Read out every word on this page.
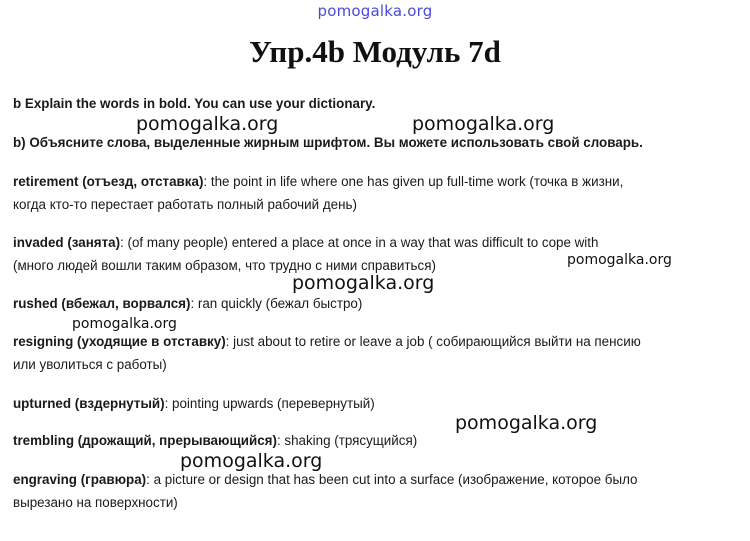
pomogalka.org
Упр.4b Модуль 7d
b Explain the words in bold. You can use your dictionary.
b) Объясните слова, выделенные жирным шрифтом. Вы можете использовать свой словарь.
retirement (отъезд, отставка): the point in life where one has given up full-time work (точка в жизни,
когда кто-то перестает работать полный рабочий день)
invaded (занята): (of many people) entered a place at once in a way that was difficult to cope with
(много людей вошли таким образом, что трудно с ними справиться)
rushed (вбежал, ворвался): ran quickly (бежал быстро)
resigning (уходящие в отставку): just about to retire or leave a job ( собирающийся выйти на пенсию
или уволиться с работы)
upturned (вздернутый): pointing upwards (перевернутый)
trembling (дрожащий, прерывающийся): shaking (трясущийся)
engraving (гравюра): a picture or design that has been cut into a surface (изображение, которое было
вырезано на поверхности)
pomogalka.org	pomogalka.org
pomogalka.org
pomogalka.org
pomogalka.org
pomogalka.org
pomogalka.org
